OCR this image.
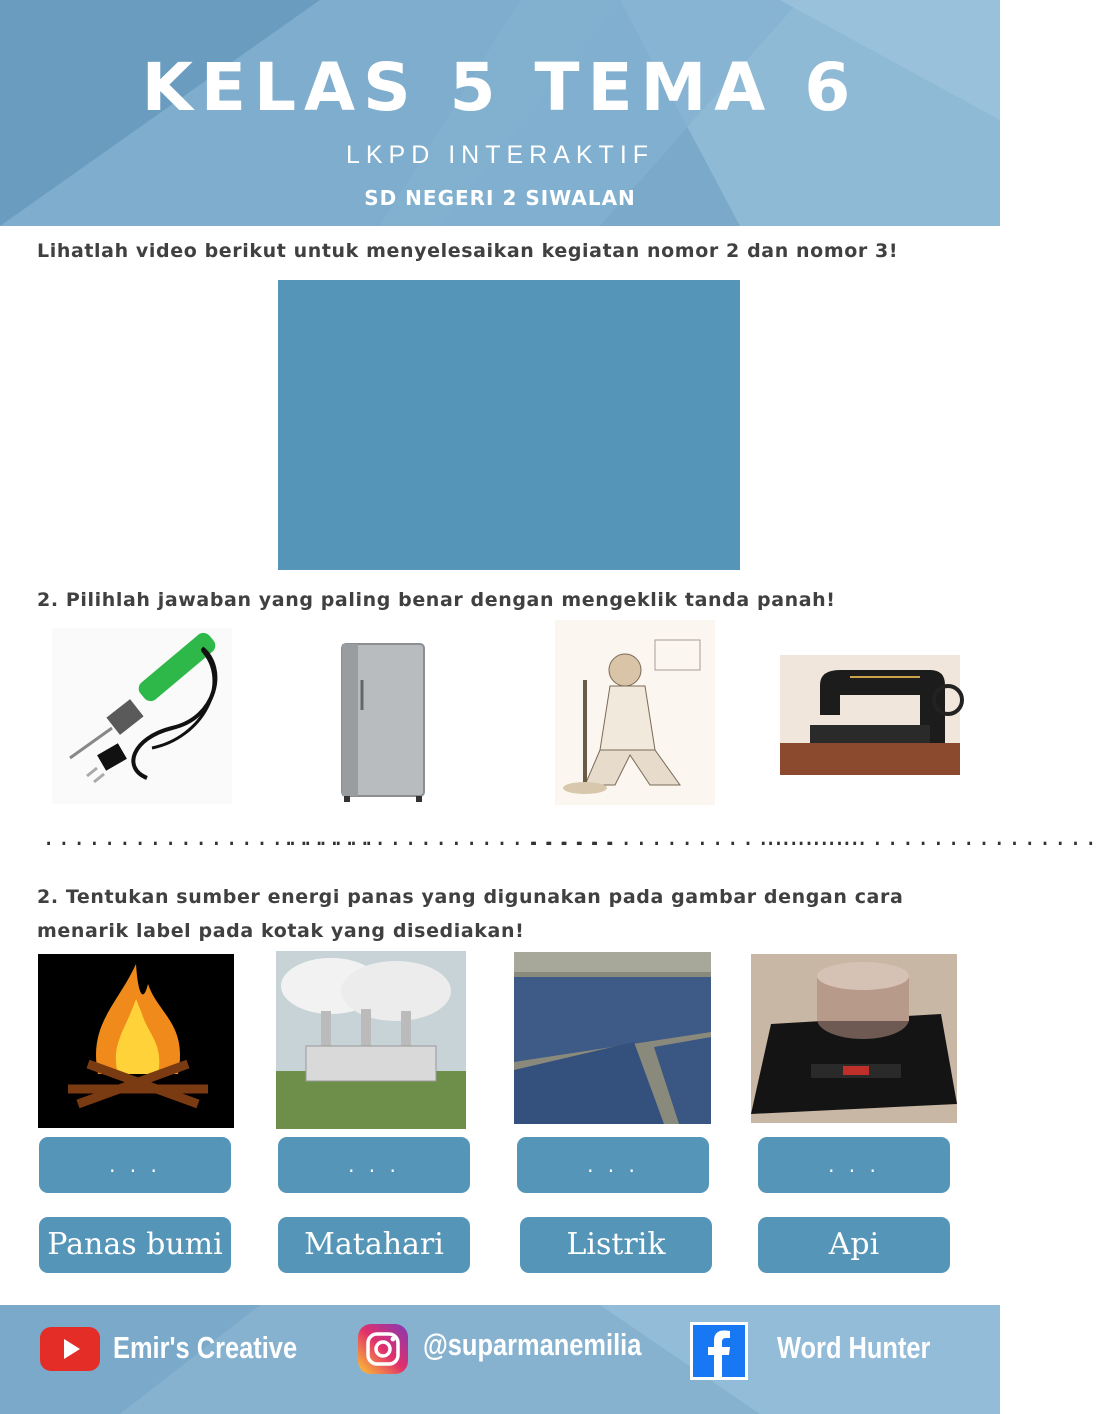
KELAS 5 TEMA 6
LKPD INTERAKTIF
SD NEGERI 2 SIWALAN
Lihatlah video berikut untuk menyelesaikan kegiatan nomor 2 dan nomor 3!
2. Pilihlah jawaban yang paling benar dengan mengeklik tanda panah!
......................
......................
......................
......................
2. Tentukan sumber energi panas yang digunakan pada gambar dengan cara menarik label pada kotak yang disediakan!
. . .	. . .	. . .	. . .
Panas bumi	Matahari	Listrik	Api
Emir's Creative	@suparmanemilia	Word Hunter
